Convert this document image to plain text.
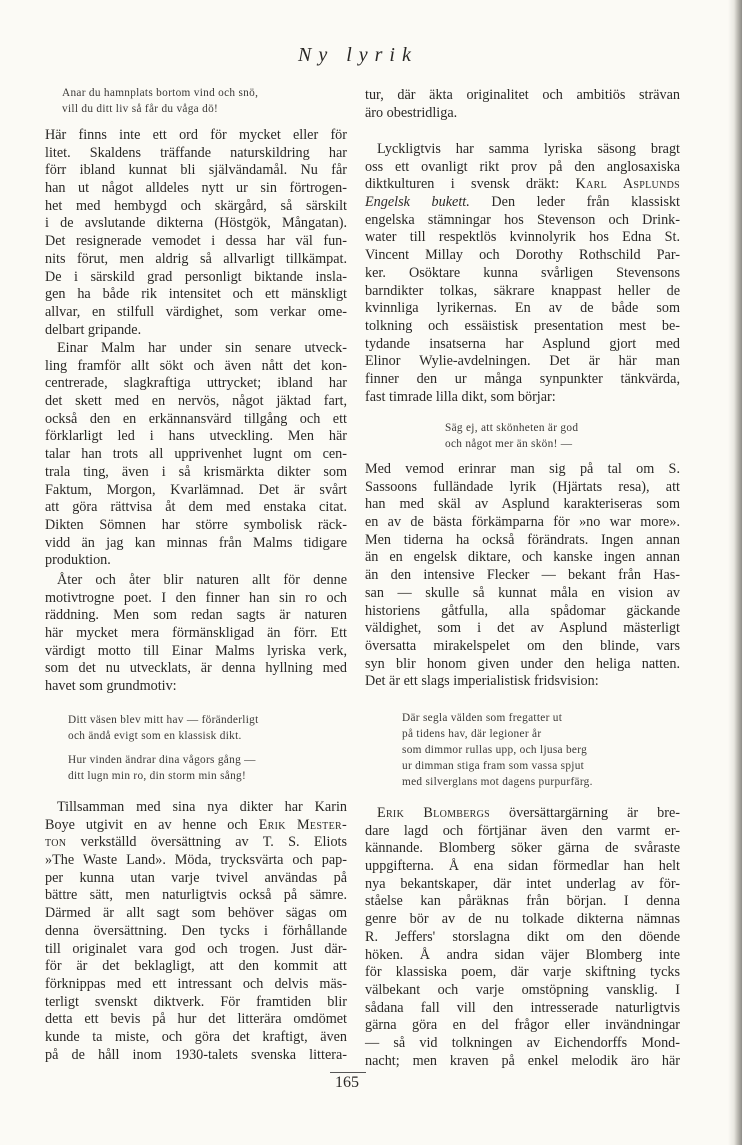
Ny lyrik
Anar du hamnplats bortom vind och snö,
vill du ditt liv så får du våga dö!
Här finns inte ett ord för mycket eller för
litet. Skaldens träffande naturskildring har
förr ibland kunnat bli självändamål. Nu får
han ut något alldeles nytt ur sin förtrogen-
het med hembygd och skärgård, så särskilt
i de avslutande dikterna (Höstgök, Mångatan).
Det resignerade vemodet i dessa har väl fun-
nits förut, men aldrig så allvarligt tillkämpat.
De i särskild grad personligt biktande insla-
gen ha både rik intensitet och ett mänskligt
allvar, en stilfull värdighet, som verkar ome-
delbart gripande.
Einar Malm har under sin senare utveck-
ling framför allt sökt och även nått det kon-
centrerade, slagkraftiga uttrycket; ibland har
det skett med en nervös, något jäktad fart,
också den en erkännansvärd tillgång och ett
förklarligt led i hans utveckling. Men här
talar han trots all upprivenhet lugnt om cen-
trala ting, även i så krismärkta dikter som
Faktum, Morgon, Kvarlämnad. Det är svårt
att göra rättvisa åt dem med enstaka citat.
Dikten Sömnen har större symbolisk räck-
vidd än jag kan minnas från Malms tidigare
produktion.
Åter och åter blir naturen allt för denne
motivtrogne poet. I den finner han sin ro och
räddning. Men som redan sagts är naturen
här mycket mera förmänskligad än förr. Ett
värdigt motto till Einar Malms lyriska verk,
som det nu utvecklats, är denna hyllning med
havet som grundmotiv:
Ditt väsen blev mitt hav — föränderligt
och ändå evigt som en klassisk dikt.
Hur vinden ändrar dina vågors gång —
ditt lugn min ro, din storm min sång!
Tillsamman med sina nya dikter har Karin
Boye utgivit en av henne och Erik Mester-
ton verkställd översättning av T. S. Eliots
»The Waste Land». Möda, trycksvärta och pap-
per kunna utan varje tvivel användas på
bättre sätt, men naturligtvis också på sämre.
Därmed är allt sagt som behöver sägas om
denna översättning. Den tycks i förhållande
till originalet vara god och trogen. Just där-
för är det beklagligt, att den kommit att
förknippas med ett intressant och delvis mäs-
terligt svenskt diktverk. För framtiden blir
detta ett bevis på hur det litterära omdömet
kunde ta miste, och göra det kraftigt, även
på de håll inom 1930-talets svenska littera-
tur, där äkta originalitet och ambitiös strävan
äro obestridliga.
Lyckligtvis har samma lyriska säsong bragt
oss ett ovanligt rikt prov på den anglosaxiska
diktkulturen i svensk dräkt: Karl Asplunds
Engelsk bukett. Den leder från klassiskt
engelska stämningar hos Stevenson och Drink-
water till respektlös kvinnolyrik hos Edna St.
Vincent Millay och Dorothy Rothschild Par-
ker. Osöktare kunna svårligen Stevensons
barndikter tolkas, säkrare knappast heller de
kvinnliga lyrikernas. En av de både som
tolkning och essäistisk presentation mest be-
tydande insatserna har Asplund gjort med
Elinor Wylie-avdelningen. Det är här man
finner den ur många synpunkter tänkvärda,
fast timrade lilla dikt, som börjar:
Säg ej, att skönheten är god
och något mer än skön! —
Med vemod erinrar man sig på tal om S.
Sassoons fulländade lyrik (Hjärtats resa), att
han med skäl av Asplund karakteriseras som
en av de bästa förkämparna för »no war more».
Men tiderna ha också förändrats. Ingen annan
än en engelsk diktare, och kanske ingen annan
än den intensive Flecker — bekant från Has-
san — skulle så kunnat måla en vision av
historiens gåtfulla, alla spådomar gäckande
väldighet, som i det av Asplund mästerligt
översatta mirakelspelet om den blinde, vars
syn blir honom given under den heliga natten.
Det är ett slags imperialistisk fridsvision:
Där segla välden som fregatter ut
på tidens hav, där legioner år
som dimmor rullas upp, och ljusa berg
ur dimman stiga fram som vassa spjut
med silverglans mot dagens purpurfärg.
Erik Blombergs översättargärning är bre-
dare lagd och förtjänar även den varmt er-
kännande. Blomberg söker gärna de svåraste
uppgifterna. Å ena sidan förmedlar han helt
nya bekantskaper, där intet underlag av för-
ståelse kan påräknas från början. I denna
genre bör av de nu tolkade dikterna nämnas
R. Jeffers' storslagna dikt om den döende
höken. Å andra sidan väjer Blomberg inte
för klassiska poem, där varje skiftning tycks
välbekant och varje omstöpning vansklig. I
sådana fall vill den intresserade naturligtvis
gärna göra en del frågor eller invändningar
— så vid tolkningen av Eichendorffs Mond-
nacht; men kraven på enkel melodik äro här
165
